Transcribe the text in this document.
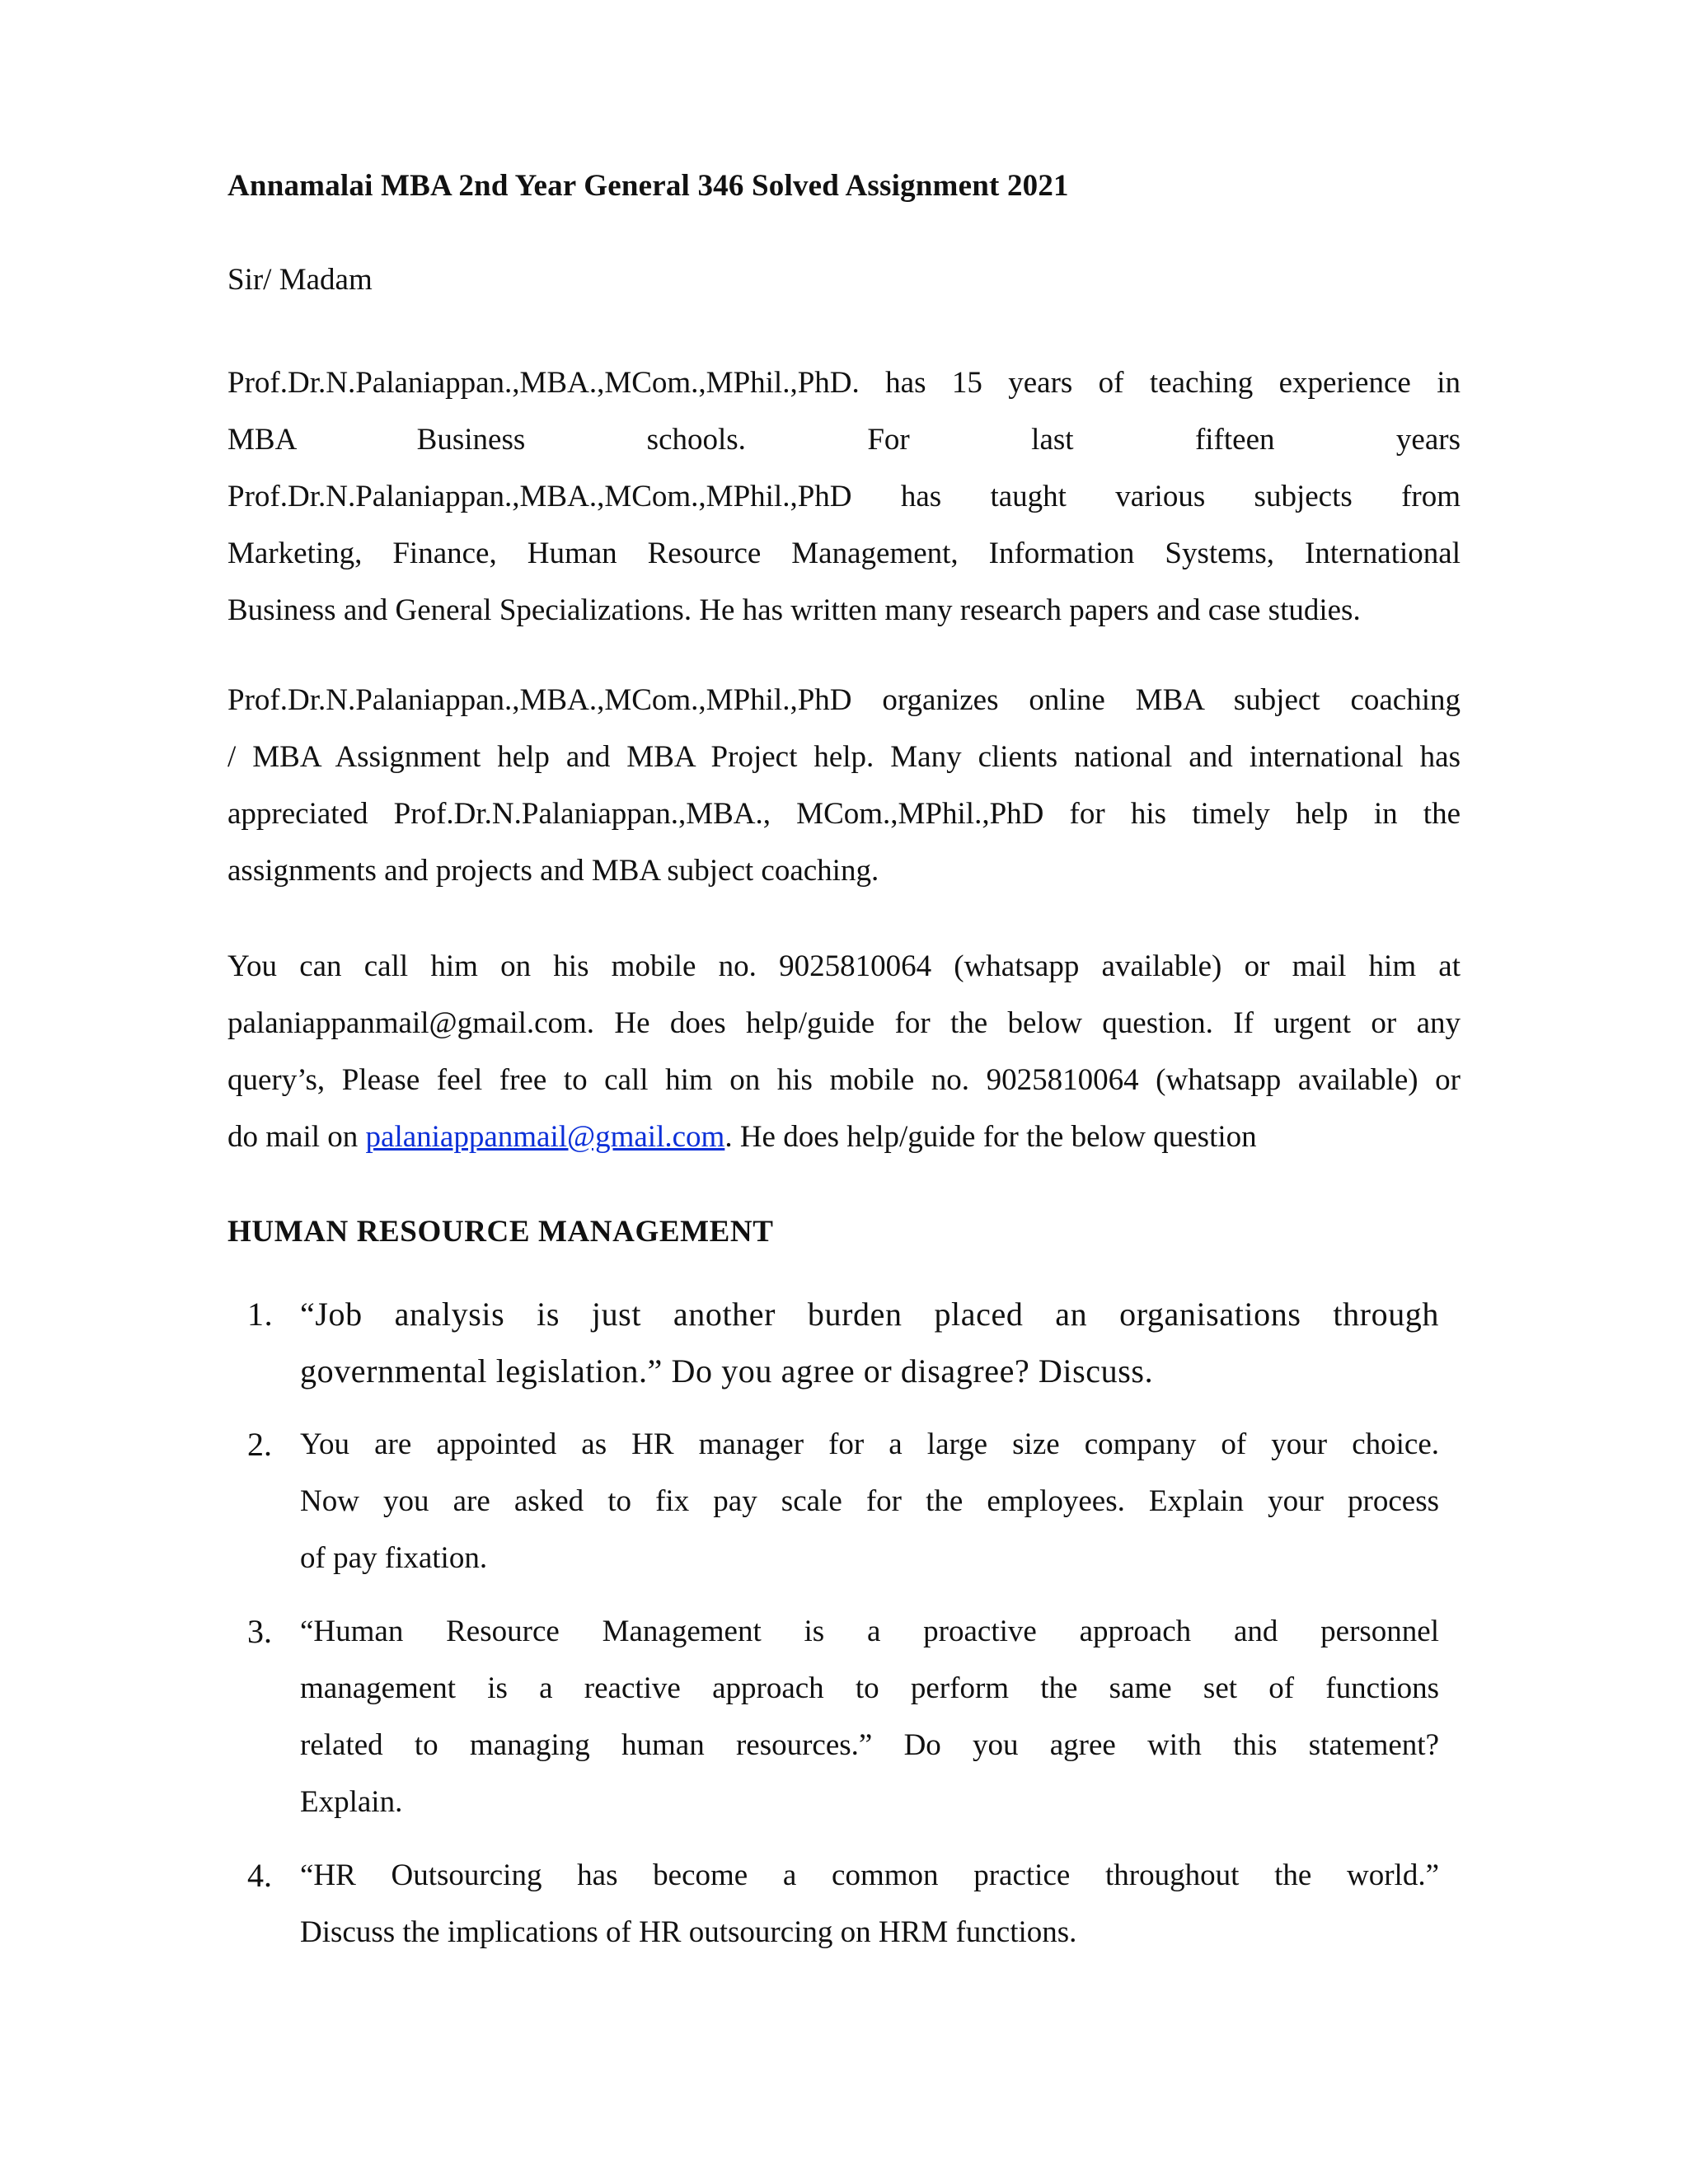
Annamalai MBA 2nd Year General 346 Solved Assignment 2021
Sir/ Madam
Prof.Dr.N.Palaniappan.,MBA.,MCom.,MPhil.,PhD. has 15 years of teaching experience in
MBA Business schools. For last fifteen years
Prof.Dr.N.Palaniappan.,MBA.,MCom.,MPhil.,PhD has taught various subjects from
Marketing, Finance, Human Resource Management, Information Systems, International
Business and General Specializations. He has written many research papers and case studies.
Prof.Dr.N.Palaniappan.,MBA.,MCom.,MPhil.,PhD organizes online MBA subject coaching
/ MBA Assignment help and MBA Project help. Many clients national and international has
appreciated Prof.Dr.N.Palaniappan.,MBA., MCom.,MPhil.,PhD for his timely help in the
assignments and projects and MBA subject coaching.
You can call him on his mobile no. 9025810064 (whatsapp available) or mail him at
palaniappanmail@gmail.com. He does help/guide for the below question. If urgent or any
query’s, Please feel free to call him on his mobile no. 9025810064 (whatsapp available) or
do mail on palaniappanmail@gmail.com. He does help/guide for the below question
HUMAN RESOURCE MANAGEMENT
1. “Job analysis is just another burden placed an organisations through
governmental legislation.” Do you agree or disagree? Discuss.
2. You are appointed as HR manager for a large size company of your choice.
Now you are asked to fix pay scale for the employees. Explain your process
of pay fixation.
3. “Human Resource Management is a proactive approach and personnel
management is a reactive approach to perform the same set of functions
related to managing human resources.” Do you agree with this statement?
Explain.
4. “HR Outsourcing has become a common practice throughout the world.”
Discuss the implications of HR outsourcing on HRM functions.
